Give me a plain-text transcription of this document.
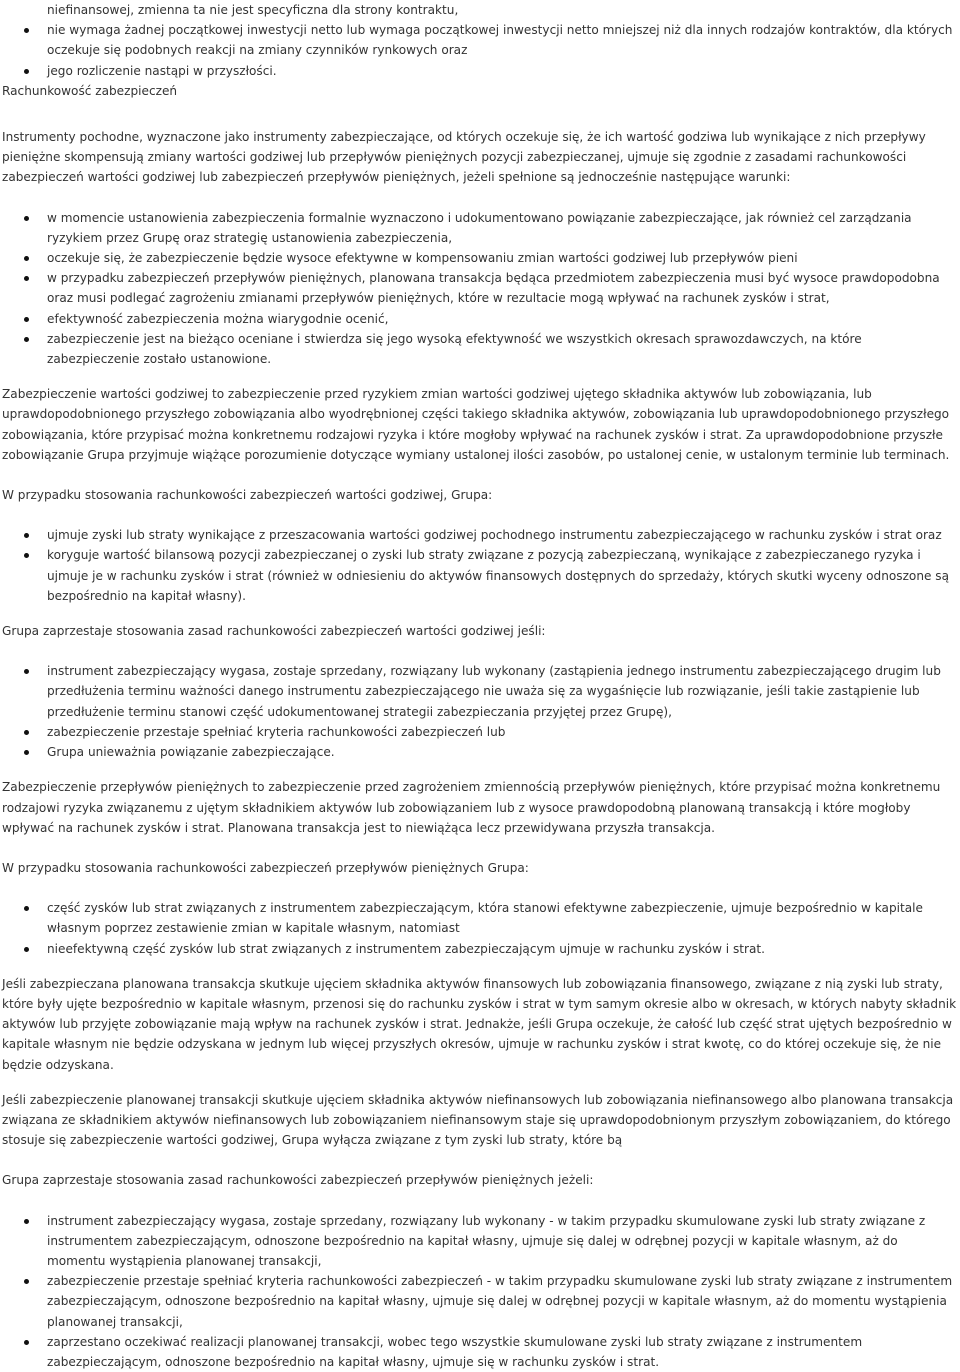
niefinansowej, zmienna ta nie jest specyficzna dla strony kontraktu,
nie wymaga żadnej początkowej inwestycji netto lub wymaga początkowej inwestycji netto mniejszej niż dla innych rodzajów kontraktów, dla których oczekuje się podobnych reakcji na zmiany czynników rynkowych oraz
jego rozliczenie nastąpi w przyszłości.
Rachunkowość zabezpieczeń

Instrumenty pochodne, wyznaczone jako instrumenty zabezpieczające, od których oczekuje się, że ich wartość godziwa lub wynikające z nich przepływy pieniężne skompensują zmiany wartości godziwej lub przepływów pieniężnych pozycji zabezpieczanej, ujmuje się zgodnie z zasadami rachunkowości zabezpieczeń wartości godziwej lub zabezpieczeń przepływów pieniężnych, jeżeli spełnione są jednocześnie następujące warunki:

w momencie ustanowienia zabezpieczenia formalnie wyznaczono i udokumentowano powiązanie zabezpieczające, jak również cel zarządzania ryzykiem przez Grupę oraz strategię ustanowienia zabezpieczenia,
oczekuje się, że zabezpieczenie będzie wysoce efektywne w kompensowaniu zmian wartości godziwej lub przepływów pieni
w przypadku zabezpieczeń przepływów pieniężnych, planowana transakcja będąca przedmiotem zabezpieczenia musi być wysoce prawdopodobna oraz musi podlegać zagrożeniu zmianami przepływów pieniężnych, które w rezultacie mogą wpływać na rachunek zysków i strat,
efektywność zabezpieczenia można wiarygodnie ocenić,
zabezpieczenie jest na bieżąco oceniane i stwierdza się jego wysoką efektywność we wszystkich okresach sprawozdawczych, na które zabezpieczenie zostało ustanowione.

Zabezpieczenie wartości godziwej to zabezpieczenie przed ryzykiem zmian wartości godziwej ujętego składnika aktywów lub zobowiązania, lub uprawdopodobnionego przyszłego zobowiązania albo wyodrębnionej części takiego składnika aktywów, zobowiązania lub uprawdopodobnionego przyszłego zobowiązania, które przypisać można konkretnemu rodzajowi ryzyka i które mogłoby wpływać na rachunek zysków i strat. Za uprawdopodobnione przyszłe zobowiązanie Grupa przyjmuje wiążące porozumienie dotyczące wymiany ustalonej ilości zasobów, po ustalonej cenie, w ustalonym terminie lub terminach.

W przypadku stosowania rachunkowości zabezpieczeń wartości godziwej, Grupa:

ujmuje zyski lub straty wynikające z przeszacowania wartości godziwej pochodnego instrumentu zabezpieczającego w rachunku zysków i strat oraz
koryguje wartość bilansową pozycji zabezpieczanej o zyski lub straty związane z pozycją zabezpieczaną, wynikające z zabezpieczanego ryzyka i ujmuje je w rachunku zysków i strat (również w odniesieniu do aktywów finansowych dostępnych do sprzedaży, których skutki wyceny odnoszone są bezpośrednio na kapitał własny).

Grupa zaprzestaje stosowania zasad rachunkowości zabezpieczeń wartości godziwej jeśli:

instrument zabezpieczający wygasa, zostaje sprzedany, rozwiązany lub wykonany (zastąpienia jednego instrumentu zabezpieczającego drugim lub przedłużenia terminu ważności danego instrumentu zabezpieczającego nie uważa się za wygaśnięcie lub rozwiązanie, jeśli takie zastąpienie lub przedłużenie terminu stanowi część udokumentowanej strategii zabezpieczania przyjętej przez Grupę),
zabezpieczenie przestaje spełniać kryteria rachunkowości zabezpieczeń lub
Grupa unieważnia powiązanie zabezpieczające.

Zabezpieczenie przepływów pieniężnych to zabezpieczenie przed zagrożeniem zmiennością przepływów pieniężnych, które przypisać można konkretnemu rodzajowi ryzyka związanemu z ujętym składnikiem aktywów lub zobowiązaniem lub z wysoce prawdopodobną planowaną transakcją i które mogłoby wpływać na rachunek zysków i strat. Planowana transakcja jest to niewiążąca lecz przewidywana przyszła transakcja.

W przypadku stosowania rachunkowości zabezpieczeń przepływów pieniężnych Grupa:

część zysków lub strat związanych z instrumentem zabezpieczającym, która stanowi efektywne zabezpieczenie, ujmuje bezpośrednio w kapitale własnym poprzez zestawienie zmian w kapitale własnym, natomiast
nieefektywną część zysków lub strat związanych z instrumentem zabezpieczającym ujmuje w rachunku zysków i strat.

Jeśli zabezpieczana planowana transakcja skutkuje ujęciem składnika aktywów finansowych lub zobowiązania finansowego, związane z nią zyski lub straty, które były ujęte bezpośrednio w kapitale własnym, przenosi się do rachunku zysków i strat w tym samym okresie albo w okresach, w których nabyty składnik aktywów lub przyjęte zobowiązanie mają wpływ na rachunek zysków i strat. Jednakże, jeśli Grupa oczekuje, że całość lub część strat ujętych bezpośrednio w kapitale własnym nie będzie odzyskana w jednym lub więcej przyszłych okresów, ujmuje w rachunku zysków i strat kwotę, co do której oczekuje się, że nie będzie odzyskana.

Jeśli zabezpieczenie planowanej transakcji skutkuje ujęciem składnika aktywów niefinansowych lub zobowiązania niefinansowego albo planowana transakcja związana ze składnikiem aktywów niefinansowych lub zobowiązaniem niefinansowym staje się uprawdopodobnionym przyszłym zobowiązaniem, do którego stosuje się zabezpieczenie wartości godziwej, Grupa wyłącza związane z tym zyski lub straty, które bą

Grupa zaprzestaje stosowania zasad rachunkowości zabezpieczeń przepływów pieniężnych jeżeli:

instrument zabezpieczający wygasa, zostaje sprzedany, rozwiązany lub wykonany - w takim przypadku skumulowane zyski lub straty związane z instrumentem zabezpieczającym, odnoszone bezpośrednio na kapitał własny, ujmuje się dalej w odrębnej pozycji w kapitale własnym, aż do momentu wystąpienia planowanej transakcji,
zabezpieczenie przestaje spełniać kryteria rachunkowości zabezpieczeń - w takim przypadku skumulowane zyski lub straty związane z instrumentem zabezpieczającym, odnoszone bezpośrednio na kapitał własny, ujmuje się dalej w odrębnej pozycji w kapitale własnym, aż do momentu wystąpienia planowanej transakcji,
zaprzestano oczekiwać realizacji planowanej transakcji, wobec tego wszystkie skumulowane zyski lub straty związane z instrumentem zabezpieczającym, odnoszone bezpośrednio na kapitał własny, ujmuje się w rachunku zysków i strat.
